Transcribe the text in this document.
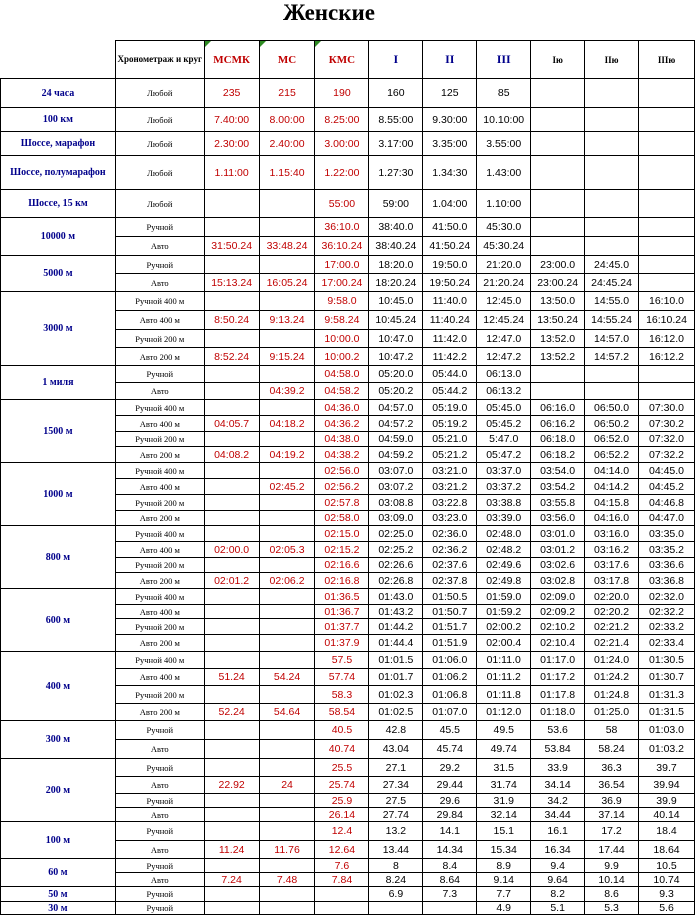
Женские
	Хронометраж и круг	МСМК	МС	КМС	I	II	III	Iю	IIю	IIIю
24 часа	Любой	235	215	190	160	125	85			
100 км	Любой	7.40:00	8.00:00	8.25:00	8.55:00	9.30:00	10.10:00			
Шоссе, марафон	Любой	2.30:00	2.40:00	3.00:00	3.17:00	3.35:00	3.55:00			
Шоссе, полумарафон	Любой	1.11:00	1.15:40	1.22:00	1.27:30	1.34:30	1.43:00			
Шоссе, 15 км	Любой			55:00	59:00	1.04:00	1.10:00			
10000 м	Ручной			36:10.0	38:40.0	41:50.0	45:30.0			
	Авто	31:50.24	33:48.24	36:10.24	38:40.24	41:50.24	45:30.24			
5000 м	Ручной			17:00.0	18:20.0	19:50.0	21:20.0	23:00.0	24:45.0	
	Авто	15:13.24	16:05.24	17:00.24	18:20.24	19:50.24	21:20.24	23:00.24	24:45.24	
3000 м	Ручной 400 м			9:58.0	10:45.0	11:40.0	12:45.0	13:50.0	14:55.0	16:10.0
	Авто 400 м	8:50.24	9:13.24	9:58.24	10:45.24	11:40.24	12:45.24	13:50.24	14:55.24	16:10.24
	Ручной 200 м			10:00.0	10:47.0	11:42.0	12:47.0	13:52.0	14:57.0	16:12.0
	Авто 200 м	8:52.24	9:15.24	10:00.2	10:47.2	11:42.2	12:47.2	13:52.2	14:57.2	16:12.2
1 миля	Ручной			04:58.0	05:20.0	05:44.0	06:13.0			
	Авто		04:39.2	04:58.2	05:20.2	05:44.2	06:13.2			
1500 м	Ручной 400 м			04:36.0	04:57.0	05:19.0	05:45.0	06:16.0	06:50.0	07:30.0
	Авто 400 м	04:05.7	04:18.2	04:36.2	04:57.2	05:19.2	05:45.2	06:16.2	06:50.2	07:30.2
	Ручной 200 м			04:38.0	04:59.0	05:21.0	5:47.0	06:18.0	06:52.0	07:32.0
	Авто 200 м	04:08.2	04:19.2	04:38.2	04:59.2	05:21.2	05:47.2	06:18.2	06:52.2	07:32.2
1000 м	Ручной 400 м			02:56.0	03:07.0	03:21.0	03:37.0	03:54.0	04:14.0	04:45.0
	Авто 400 м		02:45.2	02:56.2	03:07.2	03:21.2	03:37.2	03:54.2	04:14.2	04:45.2
	Ручной 200 м			02:57.8	03:08.8	03:22.8	03:38.8	03:55.8	04:15.8	04:46.8
	Авто 200 м			02:58.0	03:09.0	03:23.0	03:39.0	03:56.0	04:16.0	04:47.0
800 м	Ручной 400 м			02:15.0	02:25.0	02:36.0	02:48.0	03:01.0	03:16.0	03:35.0
	Авто 400 м	02:00.0	02:05.3	02:15.2	02:25.2	02:36.2	02:48.2	03:01.2	03:16.2	03:35.2
	Ручной 200 м			02:16.6	02:26.6	02:37.6	02:49.6	03:02.6	03:17.6	03:36.6
	Авто 200 м	02:01.2	02:06.2	02:16.8	02:26.8	02:37.8	02:49.8	03:02.8	03:17.8	03:36.8
600 м	Ручной 400 м			01:36.5	01:43.0	01:50.5	01:59.0	02:09.0	02:20.0	02:32.0
	Авто 400 м			01:36.7	01:43.2	01:50.7	01:59.2	02:09.2	02:20.2	02:32.2
	Ручной 200 м			01:37.7	01:44.2	01:51.7	02:00.2	02:10.2	02:21.2	02:33.2
	Авто 200 м			01:37.9	01:44.4	01:51.9	02:00.4	02:10.4	02:21.4	02:33.4
400 м	Ручной 400 м			57.5	01:01.5	01:06.0	01:11.0	01:17.0	01:24.0	01:30.5
	Авто 400 м	51.24	54.24	57.74	01:01.7	01:06.2	01:11.2	01:17.2	01:24.2	01:30.7
	Ручной 200 м			58.3	01:02.3	01:06.8	01:11.8	01:17.8	01:24.8	01:31.3
	Авто 200 м	52.24	54.64	58.54	01:02.5	01:07.0	01:12.0	01:18.0	01:25.0	01:31.5
300 м	Ручной			40.5	42.8	45.5	49.5	53.6	58	01:03.0
	Авто			40.74	43.04	45.74	49.74	53.84	58.24	01:03.2
200 м	Ручной			25.5	27.1	29.2	31.5	33.9	36.3	39.7
	Авто	22.92	24	25.74	27.34	29.44	31.74	34.14	36.54	39.94
	Ручной			25.9	27.5	29.6	31.9	34.2	36.9	39.9
	Авто			26.14	27.74	29.84	32.14	34.44	37.14	40.14
100 м	Ручной			12.4	13.2	14.1	15.1	16.1	17.2	18.4
	Авто	11.24	11.76	12.64	13.44	14.34	15.34	16.34	17.44	18.64
60 м	Ручной			7.6	8	8.4	8.9	9.4	9.9	10.5
	Авто	7.24	7.48	7.84	8.24	8.64	9.14	9.64	10.14	10.74
50 м	Ручной				6.9	7.3	7.7	8.2	8.6	9.3
30 м	Ручной						4.9	5.1	5.3	5.6
